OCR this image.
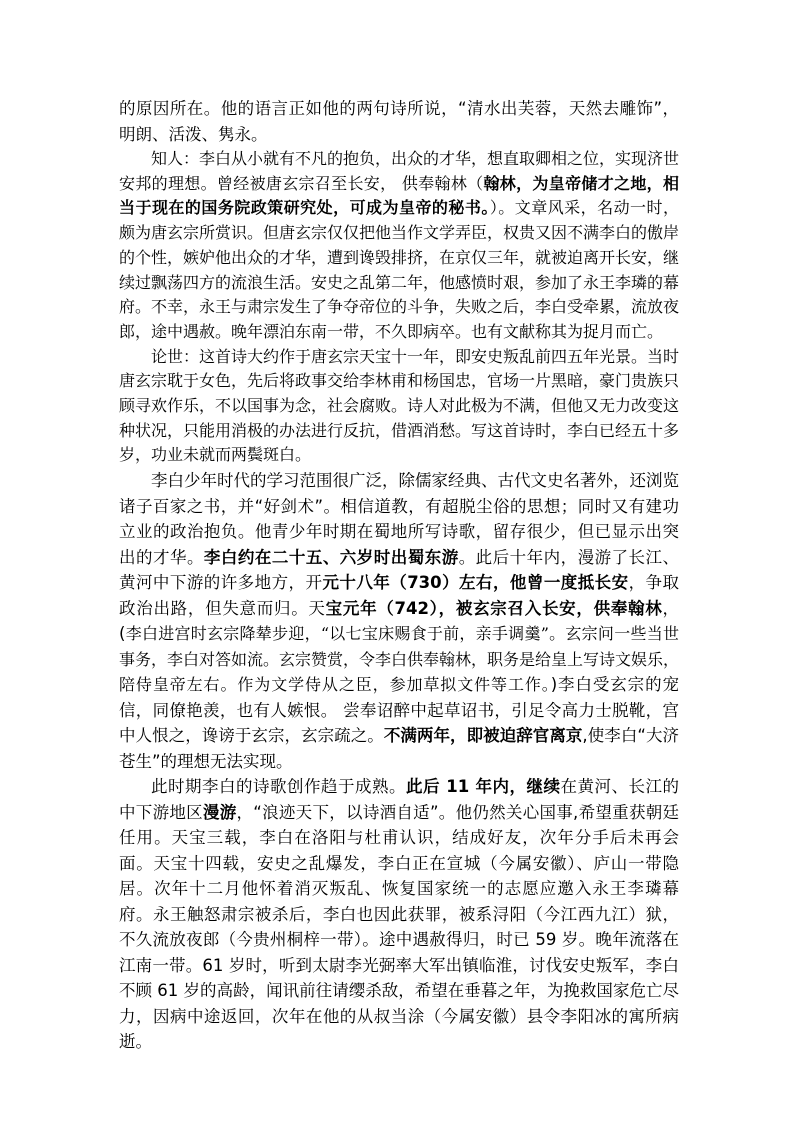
的原因所在。他的语言正如他的两句诗所说，“清水出芙蓉，天然去雕饰”，明朗、活泼、隽永。

知人：李白从小就有不凡的抱负，出众的才华，想直取卿相之位，实现济世安邦的理想。曾经被唐玄宗召至长安， 供奉翰林（翰林，为皇帝储才之地，相当于现在的国务院政策研究处，可成为皇帝的秘书。）。文章风采，名动一时，颇为唐玄宗所赏识。但唐玄宗仅仅把他当作文学弄臣，权贵又因不满李白的傲岸的个性，嫉妒他出众的才华，遭到谗毁排挤，在京仅三年，就被迫离开长安，继续过飘荡四方的流浪生活。安史之乱第二年，他感愤时艰，参加了永王李璘的幕府。不幸，永王与肃宗发生了争夺帝位的斗争，失败之后，李白受牵累，流放夜郎，途中遇赦。晚年漂泊东南一带，不久即病卒。也有文献称其为捉月而亡。

论世：这首诗大约作于唐玄宗天宝十一年，即安史叛乱前四五年光景。当时唐玄宗耽于女色，先后将政事交给李林甫和杨国忠，官场一片黑暗，豪门贵族只顾寻欢作乐，不以国事为念，社会腐败。诗人对此极为不满，但他又无力改变这种状况，只能用消极的办法进行反抗，借酒消愁。写这首诗时，李白已经五十多岁，功业未就而两鬓斑白。

李白少年时代的学习范围很广泛，除儒家经典、古代文史名著外，还浏览诸子百家之书，并“好剑术”。相信道教，有超脱尘俗的思想；同时又有建功立业的政治抱负。他青少年时期在蜀地所写诗歌，留存很少，但已显示出突出的才华。李白约在二十五、六岁时出蜀东游。此后十年内，漫游了长江、黄河中下游的许多地方，开元十八年（730）左右，他曾一度抵长安，争取政治出路，但失意而归。天宝元年（742），被玄宗召入长安，供奉翰林，(李白进宫时玄宗降辇步迎，“以七宝床赐食于前，亲手调羹”。玄宗问一些当世事务，李白对答如流。玄宗赞赏，令李白供奉翰林，职务是给皇上写诗文娱乐，陪侍皇帝左右。作为文学侍从之臣，参加草拟文件等工作。)李白受玄宗的宠信，同僚艳羡，也有人嫉恨。 尝奉诏醉中起草诏书，引足令高力士脱靴，宫中人恨之，谗谤于玄宗，玄宗疏之。不满两年，即被迫辞官离京,使李白“大济苍生”的理想无法实现。

此时期李白的诗歌创作趋于成熟。此后 11 年内，继续在黄河、长江的中下游地区漫游，“浪迹天下，以诗酒自适”。他仍然关心国事,希望重获朝廷任用。天宝三载，李白在洛阳与杜甫认识，结成好友，次年分手后未再会面。天宝十四载，安史之乱爆发，李白正在宣城（今属安徽）、庐山一带隐居。次年十二月他怀着消灭叛乱、恢复国家统一的志愿应邀入永王李璘幕府。永王触怒肃宗被杀后，李白也因此获罪，被系浔阳（今江西九江）狱，不久流放夜郎（今贵州桐梓一带）。途中遇赦得归，时已 59 岁。晚年流落在江南一带。61 岁时，听到太尉李光弼率大军出镇临淮，讨伐安史叛军，李白不顾 61 岁的高龄，闻讯前往请缨杀敌，希望在垂暮之年，为挽救国家危亡尽力，因病中途返回，次年在他的从叔当涂（今属安徽）县令李阳冰的寓所病逝。
